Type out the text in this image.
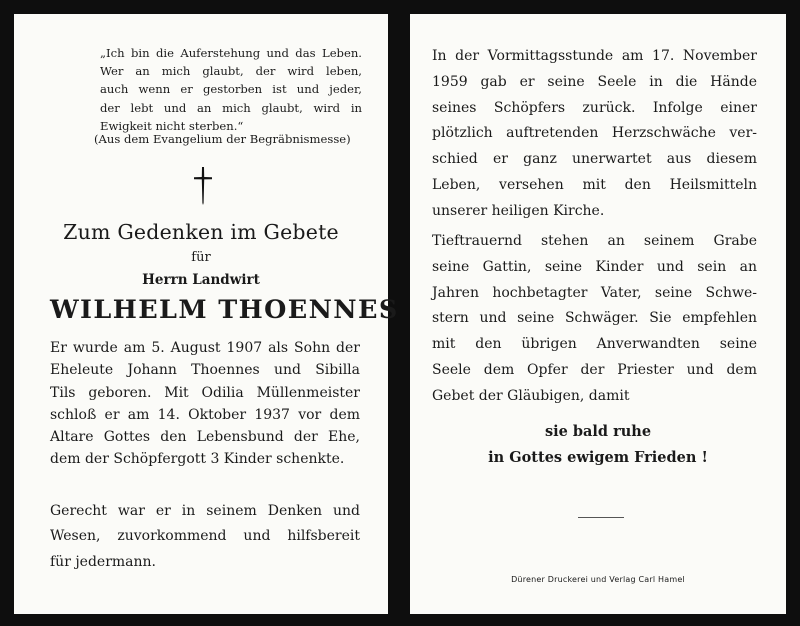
„Ich bin die Auferstehung und das Leben.
Wer an mich glaubt, der wird leben,
auch wenn er gestorben ist und jeder,
der lebt und an mich glaubt, wird in
Ewigkeit nicht sterben.“
(Aus dem Evangelium der Begräbnismesse)
Zum Gedenken im Gebete
für
Herrn Landwirt
WILHELM THOENNES
Er wurde am 5. August 1907 als Sohn der
Eheleute Johann Thoennes und Sibilla
Tils geboren. Mit Odilia Müllenmeister
schloß er am 14. Oktober 1937 vor dem
Altare Gottes den Lebensbund der Ehe,
dem der Schöpfergott 3 Kinder schenkte.
Gerecht war er in seinem Denken und
Wesen, zuvorkommend und hilfsbereit
für jedermann.
In der Vormittagsstunde am 17. November
1959 gab er seine Seele in die Hände
seines Schöpfers zurück. Infolge einer
plötzlich auftretenden Herzschwäche ver-
schied er ganz unerwartet aus diesem
Leben, versehen mit den Heilsmitteln
unserer heiligen Kirche.
Tieftrauernd stehen an seinem Grabe
seine Gattin, seine Kinder und sein an
Jahren hochbetagter Vater, seine Schwe-
stern und seine Schwäger. Sie empfehlen
mit den übrigen Anverwandten seine
Seele dem Opfer der Priester und dem
Gebet der Gläubigen, damit
sie bald ruhe
in Gottes ewigem Frieden !
Dürener Druckerei und Verlag Carl Hamel
